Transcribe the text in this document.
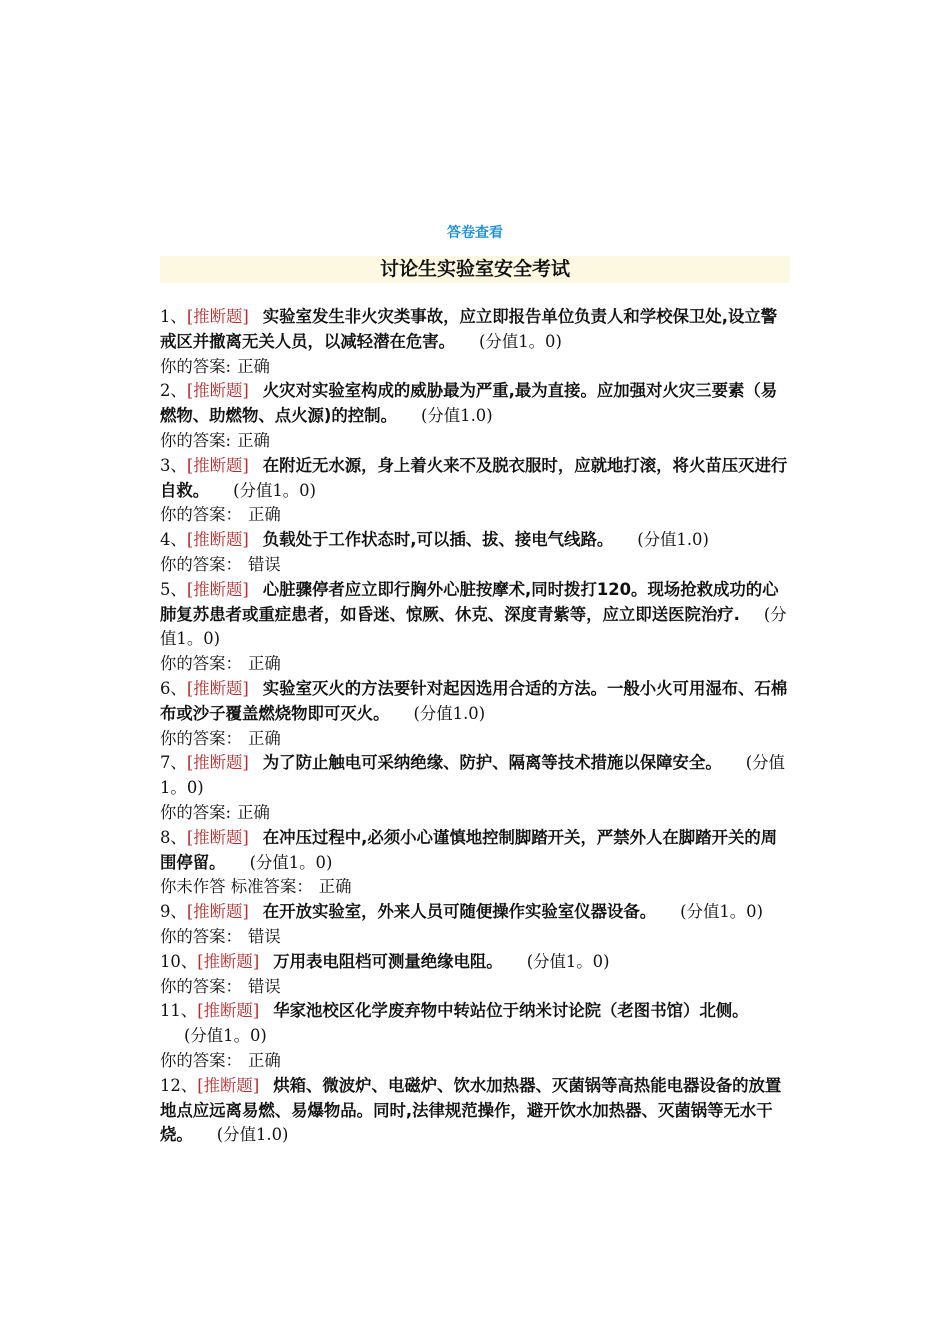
答卷查看
讨论生实验室安全考试
1、[推断题] 实验室发生非火灾类事故，应立即报告单位负责人和学校保卫处,设立警戒区并撤离无关人员，以减轻潜在危害。 (分值1。0)
你的答案: 正确
2、[推断题] 火灾对实验室构成的威胁最为严重,最为直接。应加强对火灾三要素（易燃物、助燃物、点火源)的控制。 (分值1.0)
你的答案: 正确
3、[推断题] 在附近无水源，身上着火来不及脱衣服时，应就地打滚，将火苗压灭进行自救。 (分值1。0)
你的答案： 正确
4、[推断题] 负载处于工作状态时,可以插、拔、接电气线路。 (分值1.0)
你的答案： 错误
5、[推断题] 心脏骤停者应立即行胸外心脏按摩术,同时拨打120。现场抢救成功的心肺复苏患者或重症患者，如昏迷、惊厥、休克、深度青紫等，应立即送医院治疗. (分值1。0)
你的答案： 正确
6、[推断题] 实验室灭火的方法要针对起因选用合适的方法。一般小火可用湿布、石棉布或沙子覆盖燃烧物即可灭火。 (分值1.0)
你的答案： 正确
7、[推断题] 为了防止触电可采纳绝缘、防护、隔离等技术措施以保障安全。 (分值1。0)
你的答案: 正确
8、[推断题] 在冲压过程中,必须小心谨慎地控制脚踏开关，严禁外人在脚踏开关的周围停留。 (分值1。0)
你未作答 标准答案： 正确
9、[推断题] 在开放实验室，外来人员可随便操作实验室仪器设备。 (分值1。0)
你的答案： 错误
10、[推断题] 万用表电阻档可测量绝缘电阻。 (分值1。0)
你的答案： 错误
11、[推断题] 华家池校区化学废弃物中转站位于纳米讨论院（老图书馆）北侧。(分值1。0)
你的答案： 正确
12、[推断题] 烘箱、微波炉、电磁炉、饮水加热器、灭菌锅等高热能电器设备的放置地点应远离易燃、易爆物品。同时,法律规范操作，避开饮水加热器、灭菌锅等无水干烧。 (分值1.0)
